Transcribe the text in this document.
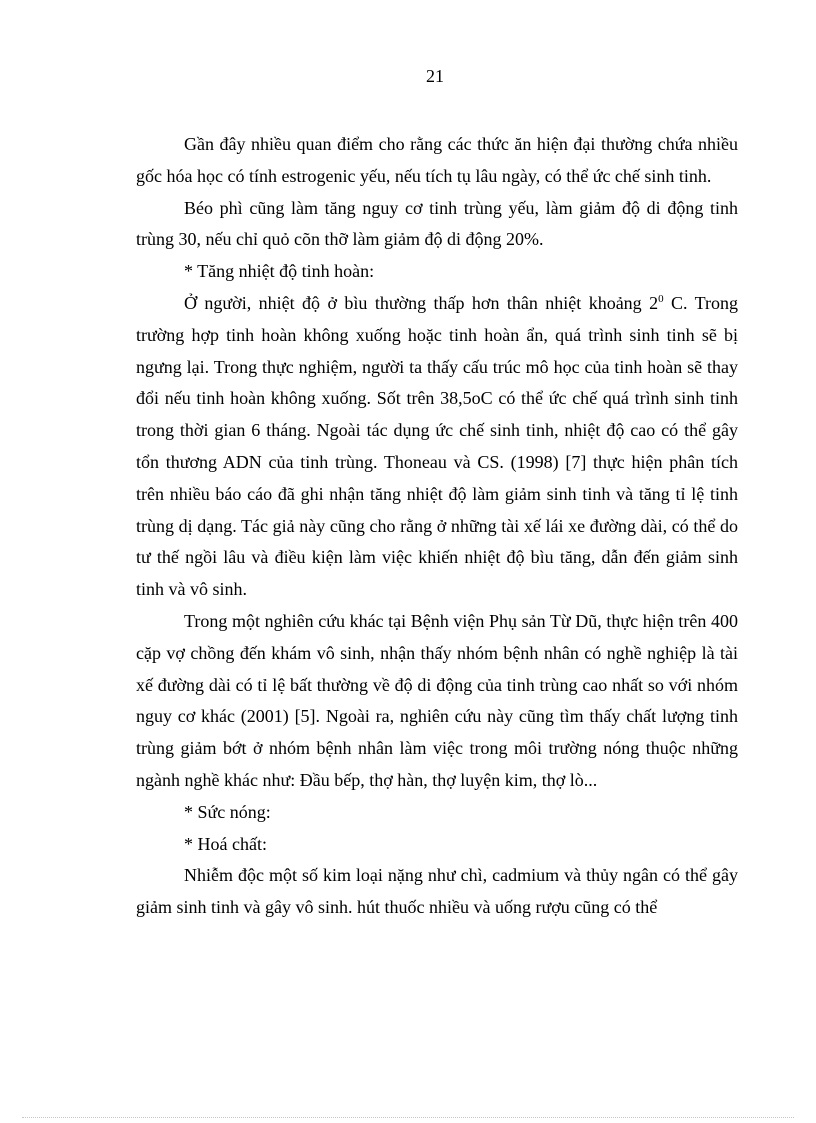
21

Gần đây nhiều quan điểm cho rằng các thức ăn hiện đại thường chứa nhiều gốc hóa học có tính estrogenic yếu, nếu tích tụ lâu ngày, có thể ức chế sinh tinh.

Béo phì cũng làm tăng nguy cơ tinh trùng yếu, làm giảm độ di động tinh trùng 30, nếu chỉ quỏ cõn thỡ làm giảm độ di động 20%.

* Tăng nhiệt độ tinh hoàn:

Ở người, nhiệt độ ở bìu thường thấp hơn thân nhiệt khoảng $2^0$ C. Trong trường hợp tinh hoàn không xuống hoặc tinh hoàn ẩn, quá trình sinh tinh sẽ bị ngưng lại. Trong thực nghiệm, người ta thấy cấu trúc mô học của tinh hoàn sẽ thay đổi nếu tinh hoàn không xuống. Sốt trên 38,5oC có thể ức chế quá trình sinh tinh trong thời gian 6 tháng. Ngoài tác dụng ức chế sinh tinh, nhiệt độ cao có thể gây tổn thương ADN của tinh trùng. Thoneau và CS. (1998) [7] thực hiện phân tích trên nhiều báo cáo đã ghi nhận tăng nhiệt độ làm giảm sinh tinh và tăng tỉ lệ tinh trùng dị dạng. Tác giả này cũng cho rằng ở những tài xế lái xe đường dài, có thể do tư thế ngồi lâu và điều kiện làm việc khiến nhiệt độ bìu tăng, dẫn đến giảm sinh tinh và vô sinh.

Trong một nghiên cứu khác tại Bệnh viện Phụ sản Từ Dũ, thực hiện trên 400 cặp vợ chồng đến khám vô sinh, nhận thấy nhóm bệnh nhân có nghề nghiệp là tài xế đường dài có tỉ lệ bất thường về độ di động của tinh trùng cao nhất so với nhóm nguy cơ khác (2001) [5]. Ngoài ra, nghiên cứu này cũng tìm thấy chất lượng tinh trùng giảm bớt ở nhóm bệnh nhân làm việc trong môi trường nóng thuộc những ngành nghề khác như: Đầu bếp, thợ hàn, thợ luyện kim, thợ lò...

* Sức nóng:

* Hoá chất:

Nhiễm độc một số kim loại nặng như chì, cadmium và thủy ngân có thể gây giảm sinh tinh và gây vô sinh. hút thuốc nhiều và uống rượu cũng có thể
